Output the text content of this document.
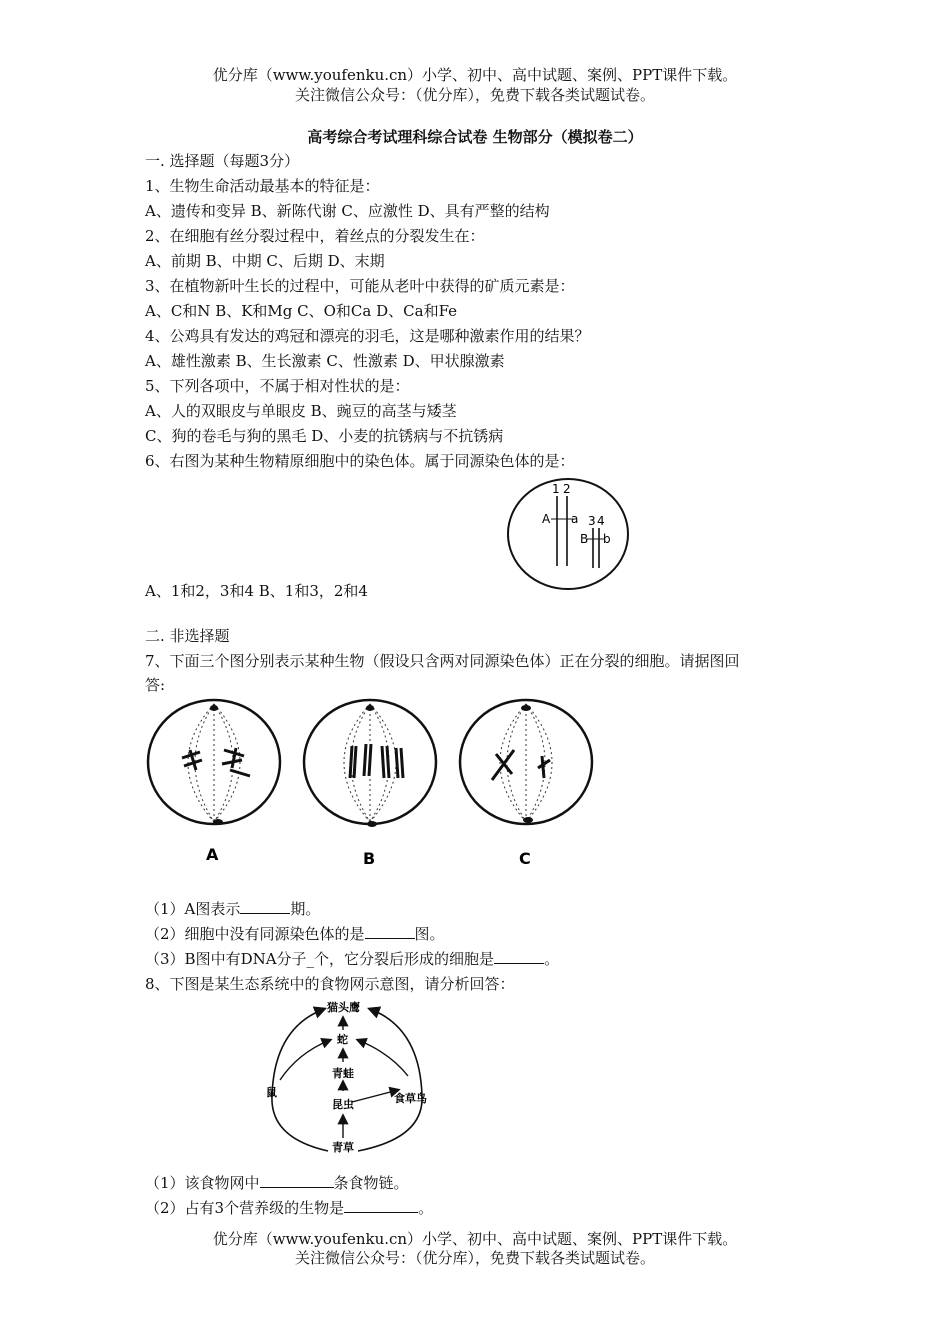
优分库（www.youfenku.cn）小学、初中、高中试题、案例、PPT课件下载。
关注微信公众号：（优分库），免费下载各类试题试卷。
高考综合考试理科综合试卷 生物部分（模拟卷二）
一. 选择题（每题3分）
1、生物生命活动最基本的特征是：
A、遗传和变异 B、新陈代谢 C、应激性 D、具有严整的结构
2、在细胞有丝分裂过程中，着丝点的分裂发生在：
A、前期 B、中期 C、后期 D、末期
3、在植物新叶生长的过程中，可能从老叶中获得的矿质元素是：
A、C和N B、K和Mg C、O和Ca D、Ca和Fe
4、公鸡具有发达的鸡冠和漂亮的羽毛，这是哪种激素作用的结果？
A、雄性激素 B、生长激素 C、性激素 D、甲状腺激素
5、下列各项中，不属于相对性状的是：
A、人的双眼皮与单眼皮 B、豌豆的高茎与矮茎
C、狗的卷毛与狗的黑毛 D、小麦的抗锈病与不抗锈病
6、右图为某种生物精原细胞中的染色体。属于同源染色体的是：
1 2
3 4
A a
B b
A、1和2，3和4 B、1和3，2和4
二. 非选择题
7、下面三个图分别表示某种生物（假设只含两对同源染色体）正在分裂的细胞。请据图回
答:
A	B	C
（1）A图表示	期。
（2）细胞中没有同源染色体的是	图。
（3）B图中有DNA分子_个，它分裂后形成的细胞是	。
8、下图是某生态系统中的食物网示意图，请分析回答：
猫头鹰
蛇
青蛙
昆虫
鼠	食草鸟
青草
（1）该食物网中	条食物链。
（2）占有3个营养级的生物是	。
优分库（www.youfenku.cn）小学、初中、高中试题、案例、PPT课件下载。
关注微信公众号：（优分库），免费下载各类试题试卷。
